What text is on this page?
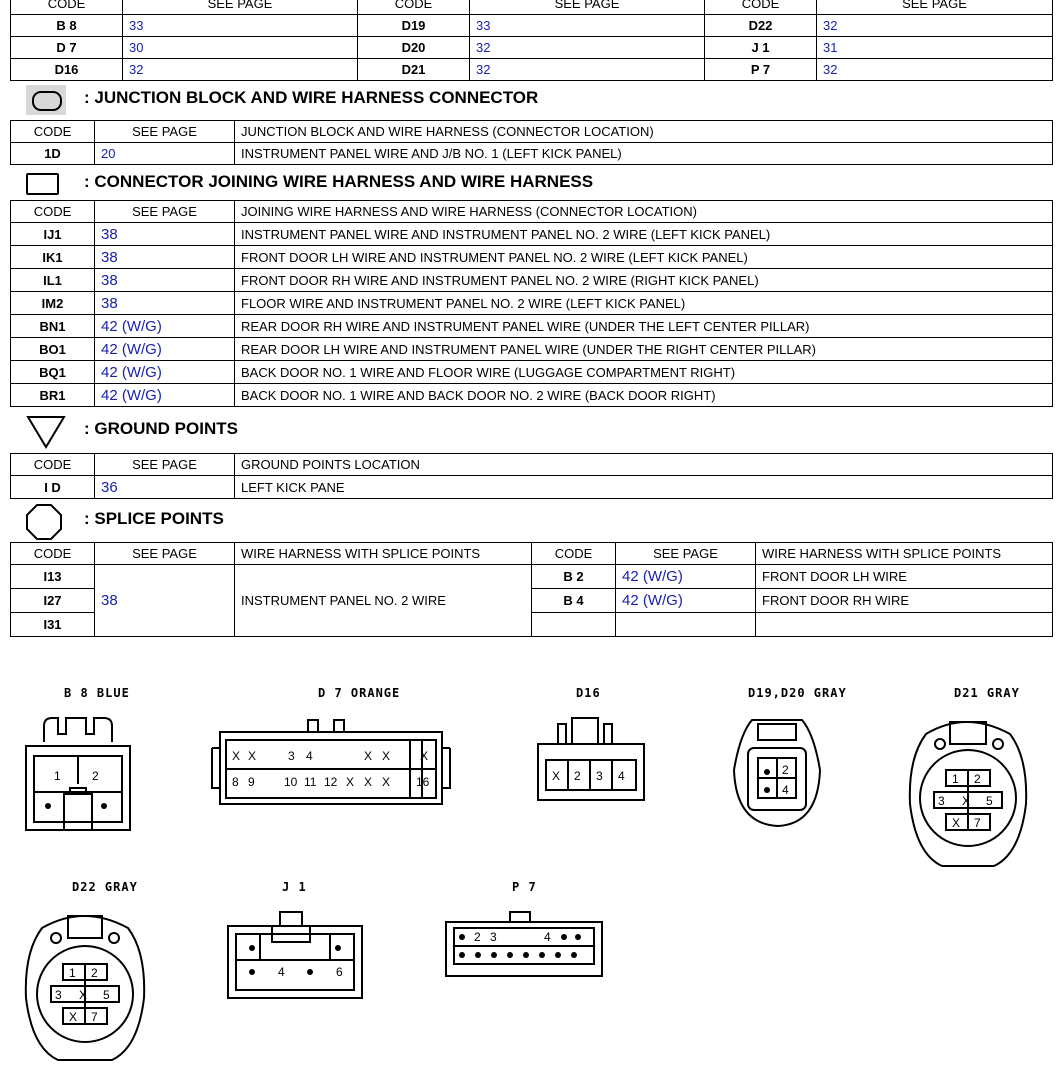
CODE	SEE PAGE	CODE	SEE PAGE	CODE	SEE PAGE
B 8	33	D19	33	D22	32
D 7	30	D20	32	J 1	31
D16	32	D21	32	P 7	32
: JUNCTION BLOCK AND WIRE HARNESS CONNECTOR
CODE	SEE PAGE	JUNCTION BLOCK AND WIRE HARNESS (CONNECTOR LOCATION)
1D	20	INSTRUMENT PANEL WIRE AND J/B NO. 1 (LEFT KICK PANEL)
: CONNECTOR JOINING WIRE HARNESS AND WIRE HARNESS
CODE	SEE PAGE	JOINING WIRE HARNESS AND WIRE HARNESS (CONNECTOR LOCATION)
IJ1	38	INSTRUMENT PANEL WIRE AND INSTRUMENT PANEL NO. 2 WIRE (LEFT KICK PANEL)
IK1	38	FRONT DOOR LH WIRE AND INSTRUMENT PANEL NO. 2 WIRE (LEFT KICK PANEL)
IL1	38	FRONT DOOR RH WIRE AND INSTRUMENT PANEL NO. 2 WIRE (RIGHT KICK PANEL)
IM2	38	FLOOR WIRE AND INSTRUMENT PANEL NO. 2 WIRE (LEFT KICK PANEL)
BN1	42 (W/G)	REAR DOOR RH WIRE AND INSTRUMENT PANEL WIRE (UNDER THE LEFT CENTER PILLAR)
BO1	42 (W/G)	REAR DOOR LH WIRE AND INSTRUMENT PANEL WIRE (UNDER THE RIGHT CENTER PILLAR)
BQ1	42 (W/G)	BACK DOOR NO. 1 WIRE AND FLOOR WIRE (LUGGAGE COMPARTMENT RIGHT)
BR1	42 (W/G)	BACK DOOR NO. 1 WIRE AND BACK DOOR NO. 2 WIRE (BACK DOOR RIGHT)
: GROUND POINTS
CODE	SEE PAGE	GROUND POINTS LOCATION
I D	36	LEFT KICK PANE
: SPLICE POINTS
CODE	SEE PAGE	WIRE HARNESS WITH SPLICE POINTS	CODE	SEE PAGE	WIRE HARNESS WITH SPLICE POINTS
I13	38	INSTRUMENT PANEL NO. 2 WIRE	B 2	42 (W/G)	FRONT DOOR LH WIRE
I27			B 4	42 (W/G)	FRONT DOOR RH WIRE
I31					
B 8 BLUE	D 7 ORANGE	D16	D19,D20 GRAY	D21 GRAY
D22 GRAY	J 1	P 7
1	2
X X	3 4	X X X
8 9 10 11 12 X X X 16	X 2 3 4	2
4
1 2
3 X 5
X 7
1 2
3 X 5
X 7
4	6
2 3	4
